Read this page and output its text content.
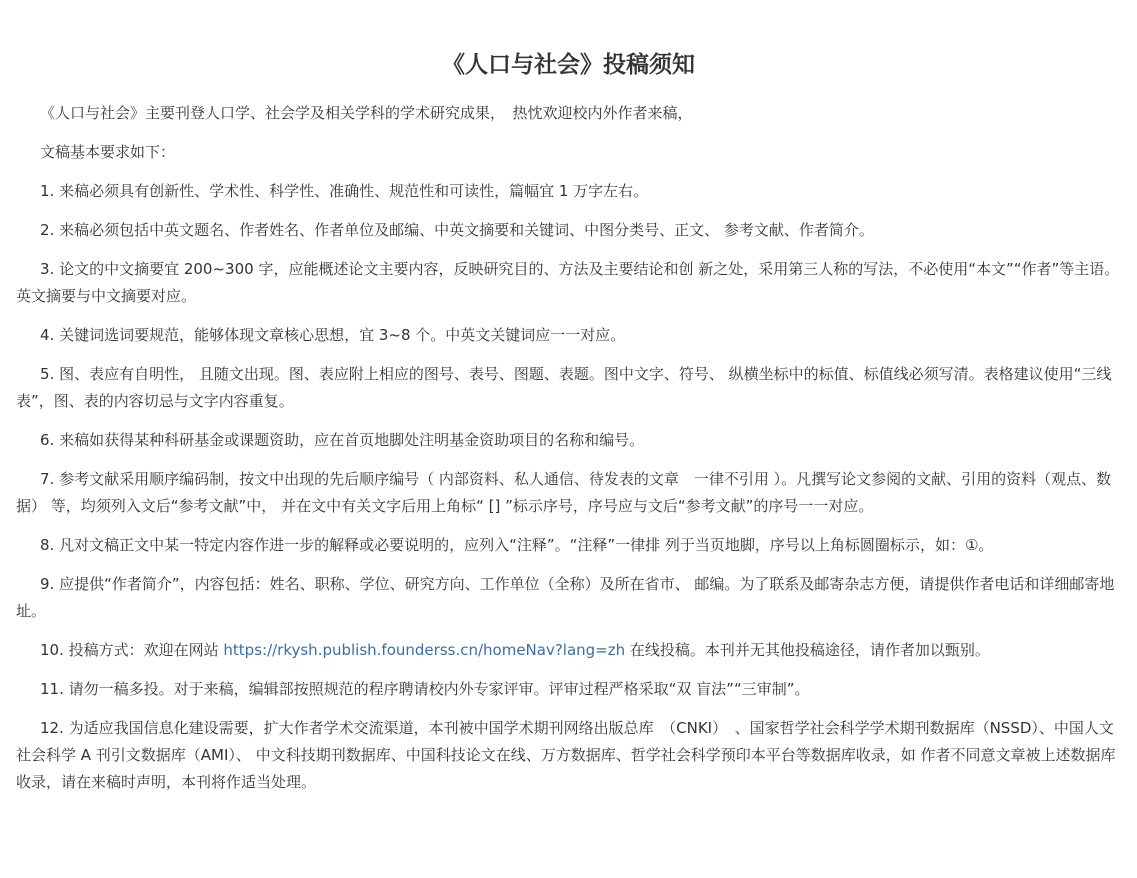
《人口与社会》投稿须知

《人口与社会》主要刊登人口学、社会学及相关学科的学术研究成果，　热忱欢迎校内外作者来稿，

文稿基本要求如下：

1. 来稿必须具有创新性、学术性、科学性、准确性、规范性和可读性，篇幅宜 1 万字左右。

2. 来稿必须包括中英文题名、作者姓名、作者单位及邮编、中英文摘要和关键词、中图分类号、正文、 参考文献、作者简介。

3. 论文的中文摘要宜 200~300 字，应能概述论文主要内容，反映研究目的、方法及主要结论和创 新之处，采用第三人称的写法，不必使用“本文”“作者”等主语。英文摘要与中文摘要对应。

4. 关键词选词要规范，能够体现文章核心思想，宜 3~8 个。中英文关键词应一一对应。

5. 图、表应有自明性， 且随文出现。图、表应附上相应的图号、表号、图题、表题。图中文字、符号、 纵横坐标中的标值、标值线必须写清。表格建议使用“三线表”，图、表的内容切忌与文字内容重复。

6. 来稿如获得某种科研基金或课题资助，应在首页地脚处注明基金资助项目的名称和编号。

7. 参考文献采用顺序编码制，按文中出现的先后顺序编号（ 内部资料、私人通信、待发表的文章　一律不引用 ）。凡撰写论文参阅的文献、引用的资料（观点、数据） 等，均须列入文后“参考文献”中， 并在文中有关文字后用上角标“ [] ”标示序号，序号应与文后“参考文献”的序号一一对应。

8. 凡对文稿正文中某一特定内容作进一步的解释或必要说明的，应列入“注释”。“注释”一律排 列于当页地脚，序号以上角标圆圈标示，如：①。

9. 应提供“作者简介”，内容包括：姓名、职称、学位、研究方向、工作单位（全称）及所在省市、 邮编。为了联系及邮寄杂志方便，请提供作者电话和详细邮寄地址。

10. 投稿方式：欢迎在网站 https://rkysh.publish.founderss.cn/homeNav?lang=zh 在线投稿。本刊并无其他投稿途径，请作者加以甄别。

11. 请勿一稿多投。对于来稿，编辑部按照规范的程序聘请校内外专家评审。评审过程严格采取“双 盲法”“三审制”。

12. 为适应我国信息化建设需要，扩大作者学术交流渠道，本刊被中国学术期刊网络出版总库　（CNKI）　、国家哲学社会科学学术期刊数据库（NSSD）、中国人文社会科学 A 刊引文数据库（AMI）、 中文科技期刊数据库、中国科技论文在线、万方数据库、哲学社会科学预印本平台等数据库收录，如 作者不同意文章被上述数据库收录，请在来稿时声明，本刊将作适当处理。
